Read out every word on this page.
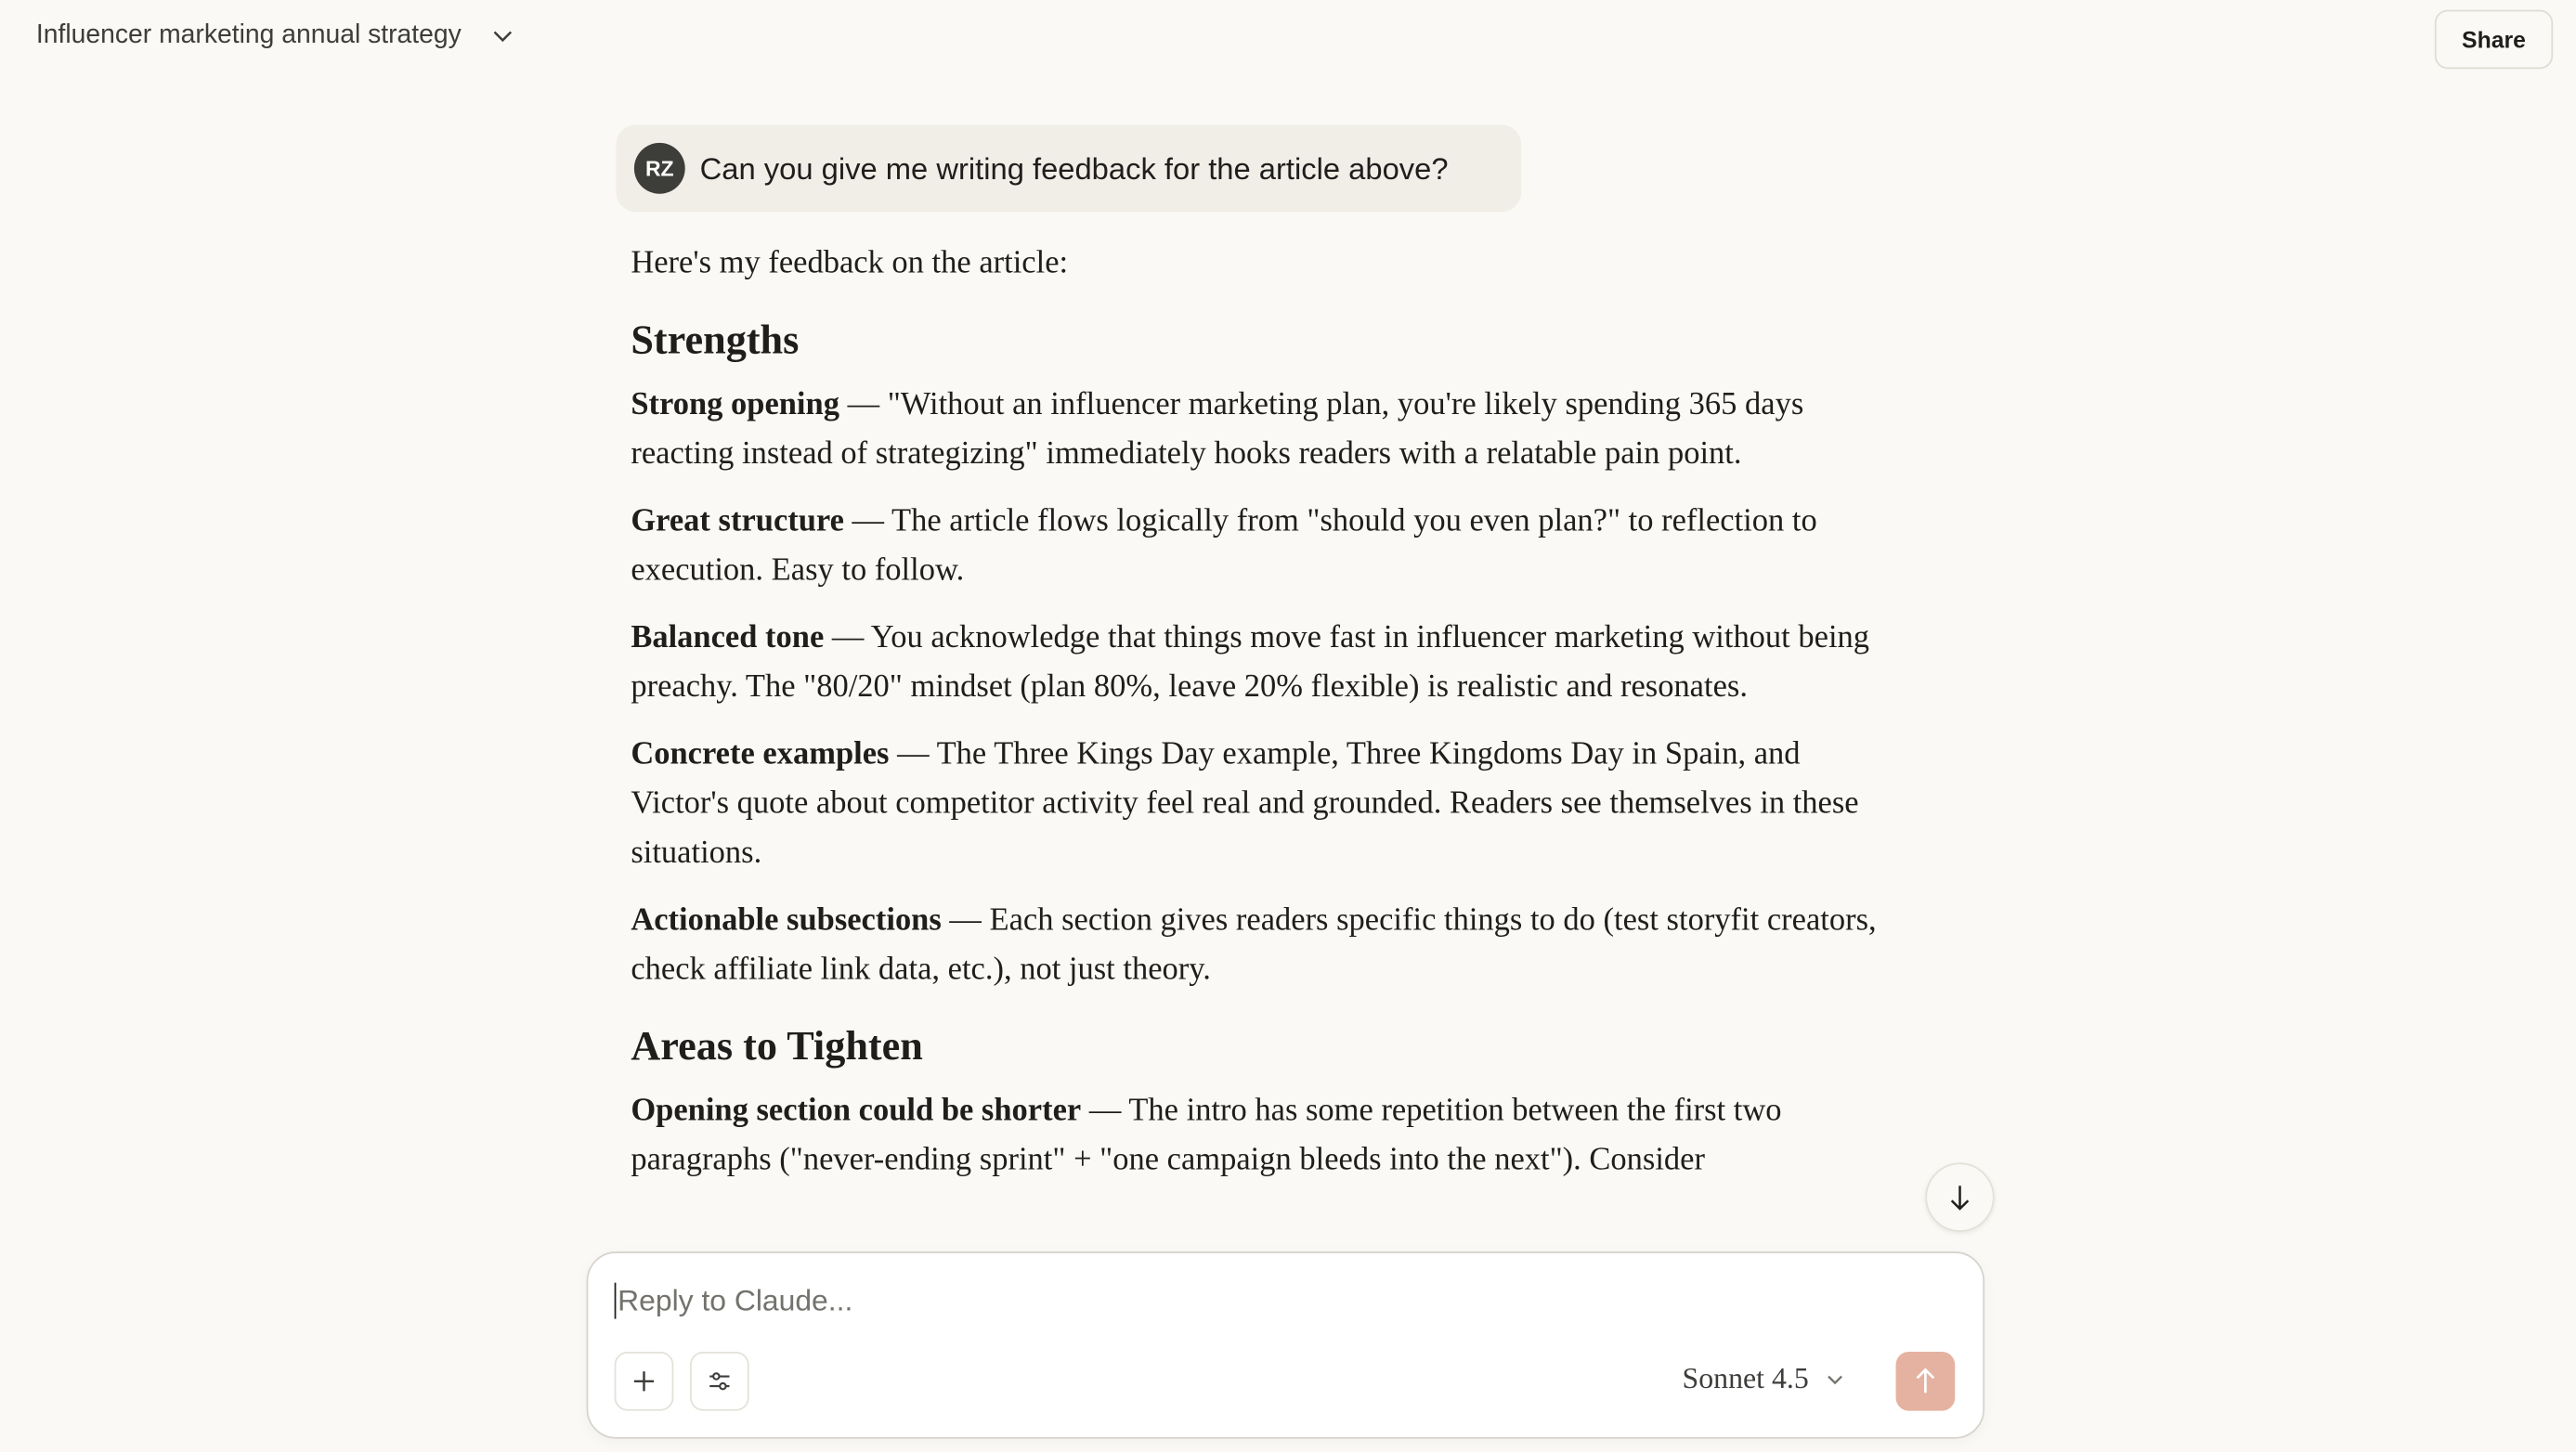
Influencer marketing annual strategy	Share
RZ	Can you give me writing feedback for the article above?

Here's my feedback on the article:

Strengths

Strong opening — "Without an influencer marketing plan, you're likely spending 365 days reacting instead of strategizing" immediately hooks readers with a relatable pain point.

Great structure — The article flows logically from "should you even plan?" to reflection to execution. Easy to follow.

Balanced tone — You acknowledge that things move fast in influencer marketing without being preachy. The "80/20" mindset (plan 80%, leave 20% flexible) is realistic and resonates.

Concrete examples — The Three Kings Day example, Three Kingdoms Day in Spain, and Victor's quote about competitor activity feel real and grounded. Readers see themselves in these situations.

Actionable subsections — Each section gives readers specific things to do (test storyfit creators, check affiliate link data, etc.), not just theory.

Areas to Tighten

Opening section could be shorter — The intro has some repetition between the first two paragraphs ("never-ending sprint" + "one campaign bleeds into the next"). Consider

Reply to Claude...
Sonnet 4.5
